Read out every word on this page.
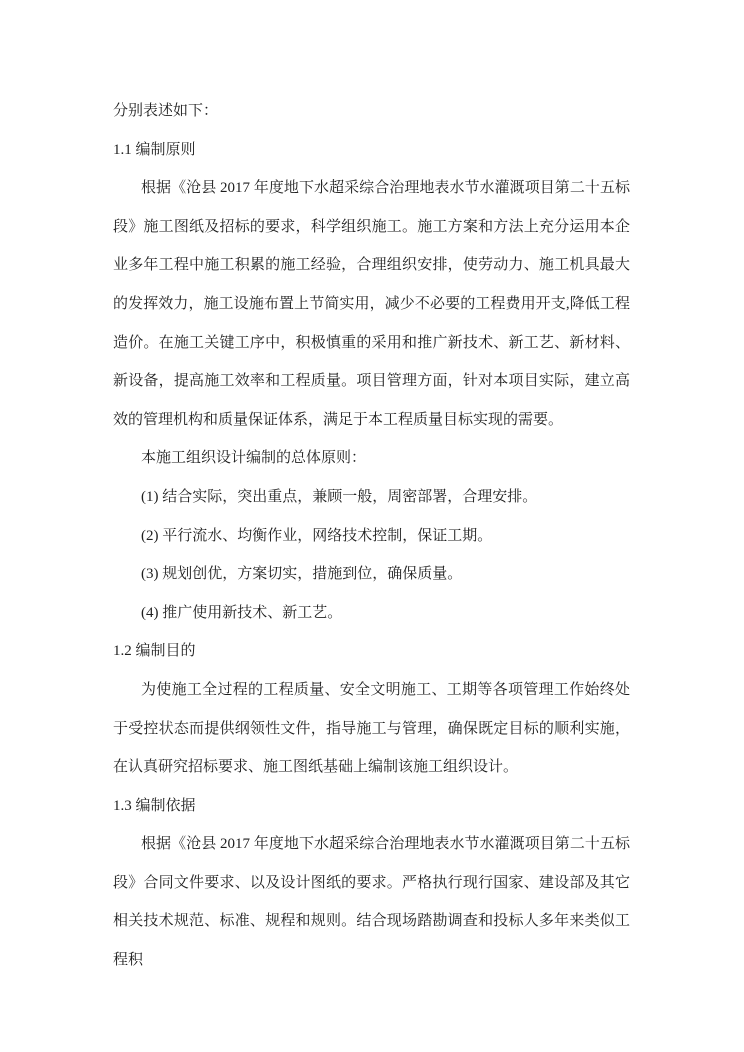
分别表述如下：

1.1 编制原则

根据《沧县 2017 年度地下水超采综合治理地表水节水灌溉项目第二十五标段》施工图纸及招标的要求，科学组织施工。施工方案和方法上充分运用本企业多年工程中施工积累的施工经验，合理组织安排，使劳动力、施工机具最大的发挥效力，施工设施布置上节简实用，减少不必要的工程费用开支,降低工程造价。在施工关键工序中，积极慎重的采用和推广新技术、新工艺、新材料、新设备，提高施工效率和工程质量。项目管理方面，针对本项目实际，建立高效的管理机构和质量保证体系，满足于本工程质量目标实现的需要。

本施工组织设计编制的总体原则：

(1) 结合实际，突出重点，兼顾一般，周密部署，合理安排。

(2) 平行流水、均衡作业，网络技术控制，保证工期。

(3) 规划创优，方案切实，措施到位，确保质量。

(4) 推广使用新技术、新工艺。

1.2 编制目的

为使施工全过程的工程质量、安全文明施工、工期等各项管理工作始终处于受控状态而提供纲领性文件，指导施工与管理，确保既定目标的顺利实施，在认真研究招标要求、施工图纸基础上编制该施工组织设计。

1.3 编制依据

根据《沧县 2017 年度地下水超采综合治理地表水节水灌溉项目第二十五标段》合同文件要求、以及设计图纸的要求。严格执行现行国家、建设部及其它相关技术规范、标准、规程和规则。结合现场踏勘调查和投标人多年来类似工程积
